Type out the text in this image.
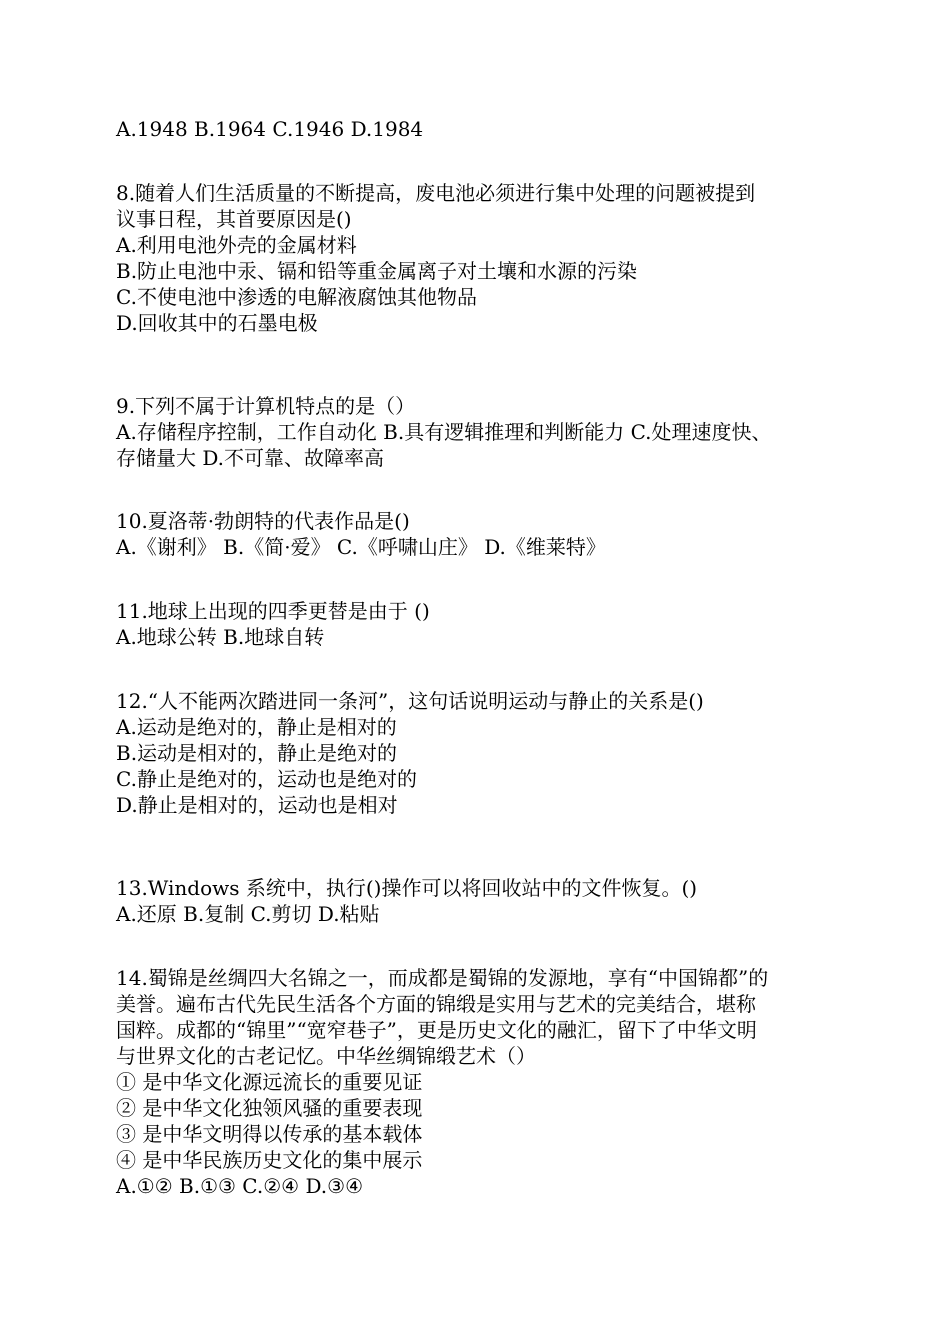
A.1948 B.1964 C.1946 D.1984
8.随着人们生活质量的不断提高，废电池必须进行集中处理的问题被提到
议事日程，其首要原因是()
A.利用电池外壳的金属材料
B.防止电池中汞、镉和铅等重金属离子对土壤和水源的污染
C.不使电池中渗透的电解液腐蚀其他物品
D.回收其中的石墨电极
9.下列不属于计算机特点的是（）
A.存储程序控制，工作自动化 B.具有逻辑推理和判断能力 C.处理速度快、
存储量大 D.不可靠、故障率高
10.夏洛蒂·勃朗特的代表作品是()
A.《谢利》 B.《简·爱》 C.《呼啸山庄》 D.《维莱特》
11.地球上出现的四季更替是由于 ()
A.地球公转 B.地球自转
12.“人不能两次踏进同一条河”，这句话说明运动与静止的关系是()
A.运动是绝对的，静止是相对的
B.运动是相对的，静止是绝对的
C.静止是绝对的，运动也是绝对的
D.静止是相对的，运动也是相对
13.Windows 系统中，执行()操作可以将回收站中的文件恢复。()
A.还原 B.复制 C.剪切 D.粘贴
14.蜀锦是丝绸四大名锦之一，而成都是蜀锦的发源地，享有“中国锦都”的
美誉。遍布古代先民生活各个方面的锦缎是实用与艺术的完美结合，堪称
国粹。成都的“锦里”“宽窄巷子”，更是历史文化的融汇，留下了中华文明
与世界文化的古老记忆。中华丝绸锦缎艺术（）
① 是中华文化源远流长的重要见证
② 是中华文化独领风骚的重要表现
③ 是中华文明得以传承的基本载体
④ 是中华民族历史文化的集中展示
A.①② B.①③ C.②④ D.③④
